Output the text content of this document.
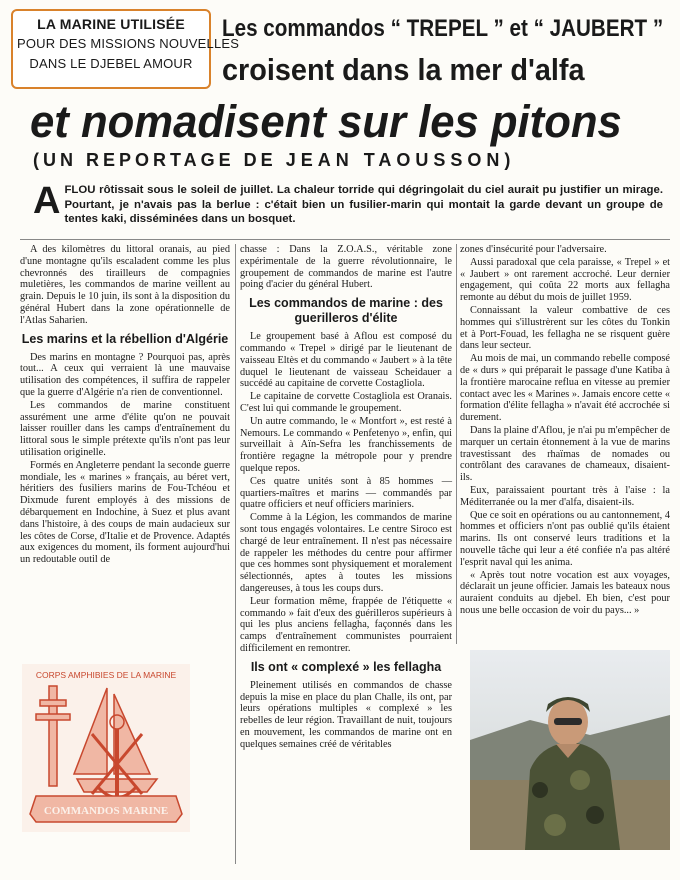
LA MARINE UTILISÉE
POUR DES MISSIONS NOUVELLES
DANS LE DJEBEL AMOUR
Les commandos “ TREPEL ” et “ JAUBERT ”
croisent dans la mer d'alfa
et nomadisent sur les pitons
(UN REPORTAGE DE JEAN TAOUSSON)
AFLOU rôtissait sous le soleil de juillet. La chaleur torride qui dégringolait du ciel aurait pu justifier un mirage. Pourtant, je n'avais pas la berlue : c'était bien un fusilier-marin qui montait la garde devant un groupe de tentes kaki, disséminées dans un bosquet.

A des kilomètres du littoral oranais, au pied d'une montagne qu'ils escaladent comme les plus chevronnés des tirailleurs de compagnies muletières, les commandos de marine veillent au grain. Depuis le 10 juin, ils sont à la disposition du général Hubert dans la zone opérationnelle de l'Atlas Saharien.

Les marins et la rébellion d'Algérie

Des marins en montagne ? Pourquoi pas, après tout... A ceux qui verraient là une mauvaise utilisation des compétences, il suffira de rappeler que la guerre d'Algérie n'a rien de conventionnel.

Les commandos de marine constituent assurément une arme d'élite qu'on ne pouvait laisser rouiller dans les camps d'entraînement du littoral sous le simple prétexte qu'ils n'ont pas leur utilisation originelle.

Formés en Angleterre pendant la seconde guerre mondiale, les « marines » français, au béret vert, héritiers des fusiliers marins de Fou-Tchéou et Dixmude furent employés à des missions de débarquement en Indochine, à Suez et plus avant dans l'histoire, à des coups de main audacieux sur les côtes de Corse, d'Italie et de Provence. Adaptés aux exigences du moment, ils forment aujourd'hui un redoutable outil de

chasse : Dans la Z.O.A.S., véritable zone expérimentale de la guerre révolutionnaire, le groupement de commandos de marine est l'autre poing d'acier du général Hubert.

Les commandos de marine : des guerilleros d'élite

Le groupement basé à Aflou est composé du commando « Trepel » dirigé par le lieutenant de vaisseau Eltès et du commando « Jaubert » à la tête duquel le lieutenant de vaisseau Scheidauer a succédé au capitaine de corvette Costagliola.

Le capitaine de corvette Costagliola est Oranais. C'est lui qui commande le groupement.

Un autre commando, le « Montfort », est resté à Nemours. Le commando « Penfetenyo », enfin, qui surveillait à Aïn-Sefra les franchissements de frontière regagne la métropole pour y prendre quelque repos.

Ces quatre unités sont à 85 hommes — quartiers-maîtres et marins — commandés par quatre officiers et neuf officiers mariniers.

Comme à la Légion, les commandos de marine sont tous engagés volontaires. Le centre Siroco est chargé de leur entraînement. Il n'est pas nécessaire de rappeler les méthodes du centre pour affirmer que ces hommes sont physiquement et moralement sélectionnés, aptes à toutes les missions dangereuses, à tous les coups durs.

Leur formation même, frappée de l'étiquette « commando » fait d'eux des guérilleros supérieurs à qui les plus anciens fellagha, façonnés dans les camps d'entraînement communistes pourraient difficilement en remontrer.

Ils ont « complexé » les fellagha

Pleinement utilisés en commandos de chasse depuis la mise en place du plan Challe, ils ont, par leurs opérations multiples « complexé » les rebelles de leur région. Travaillant de nuit, toujours en mouvement, les commandos de marine ont en quelques semaines créé de véritables

zones d'insécurité pour l'adversaire.

Aussi paradoxal que cela paraisse, « Trepel » et « Jaubert » ont rarement accroché. Leur dernier engagement, qui coûta 22 morts aux fellagha remonte au début du mois de juillet 1959.

Connaissant la valeur combattive de ces hommes qui s'illustrèrent sur les côtes du Tonkin et à Port-Fouad, les fellagha ne se risquent guère dans leur secteur.

Au mois de mai, un commando rebelle composé de « durs » qui préparait le passage d'une Katiba à la frontière marocaine reflua en vitesse au premier contact avec les « Marines ». Jamais encore cette « formation d'élite fellagha » n'avait été accrochée si durement.

Dans la plaine d'Aflou, je n'ai pu m'empêcher de marquer un certain étonnement à la vue de marins travestissant des rhaïmas de nomades ou contrôlant des caravanes de chameaux, disaient-ils.

Eux, paraissaient pourtant très à l'aise : la Méditerranée ou la mer d'alfa, disaient-ils.

Que ce soit en opérations ou au cantonnement, 4 hommes et officiers n'ont pas oublié qu'ils étaient marins. Ils ont conservé leurs traditions et la nouvelle tâche qui leur a été confiée n'a pas altéré l'esprit naval qui les anima.

« Après tout notre vocation est aux voyages, déclarait un jeune officier. Jamais les bateaux nous auraient conduits au djebel. Eh bien, c'est pour nous une belle occasion de voir du pays... »

CORPS AMPHIBIES DE LA MARINE
COMMANDOS MARINE
